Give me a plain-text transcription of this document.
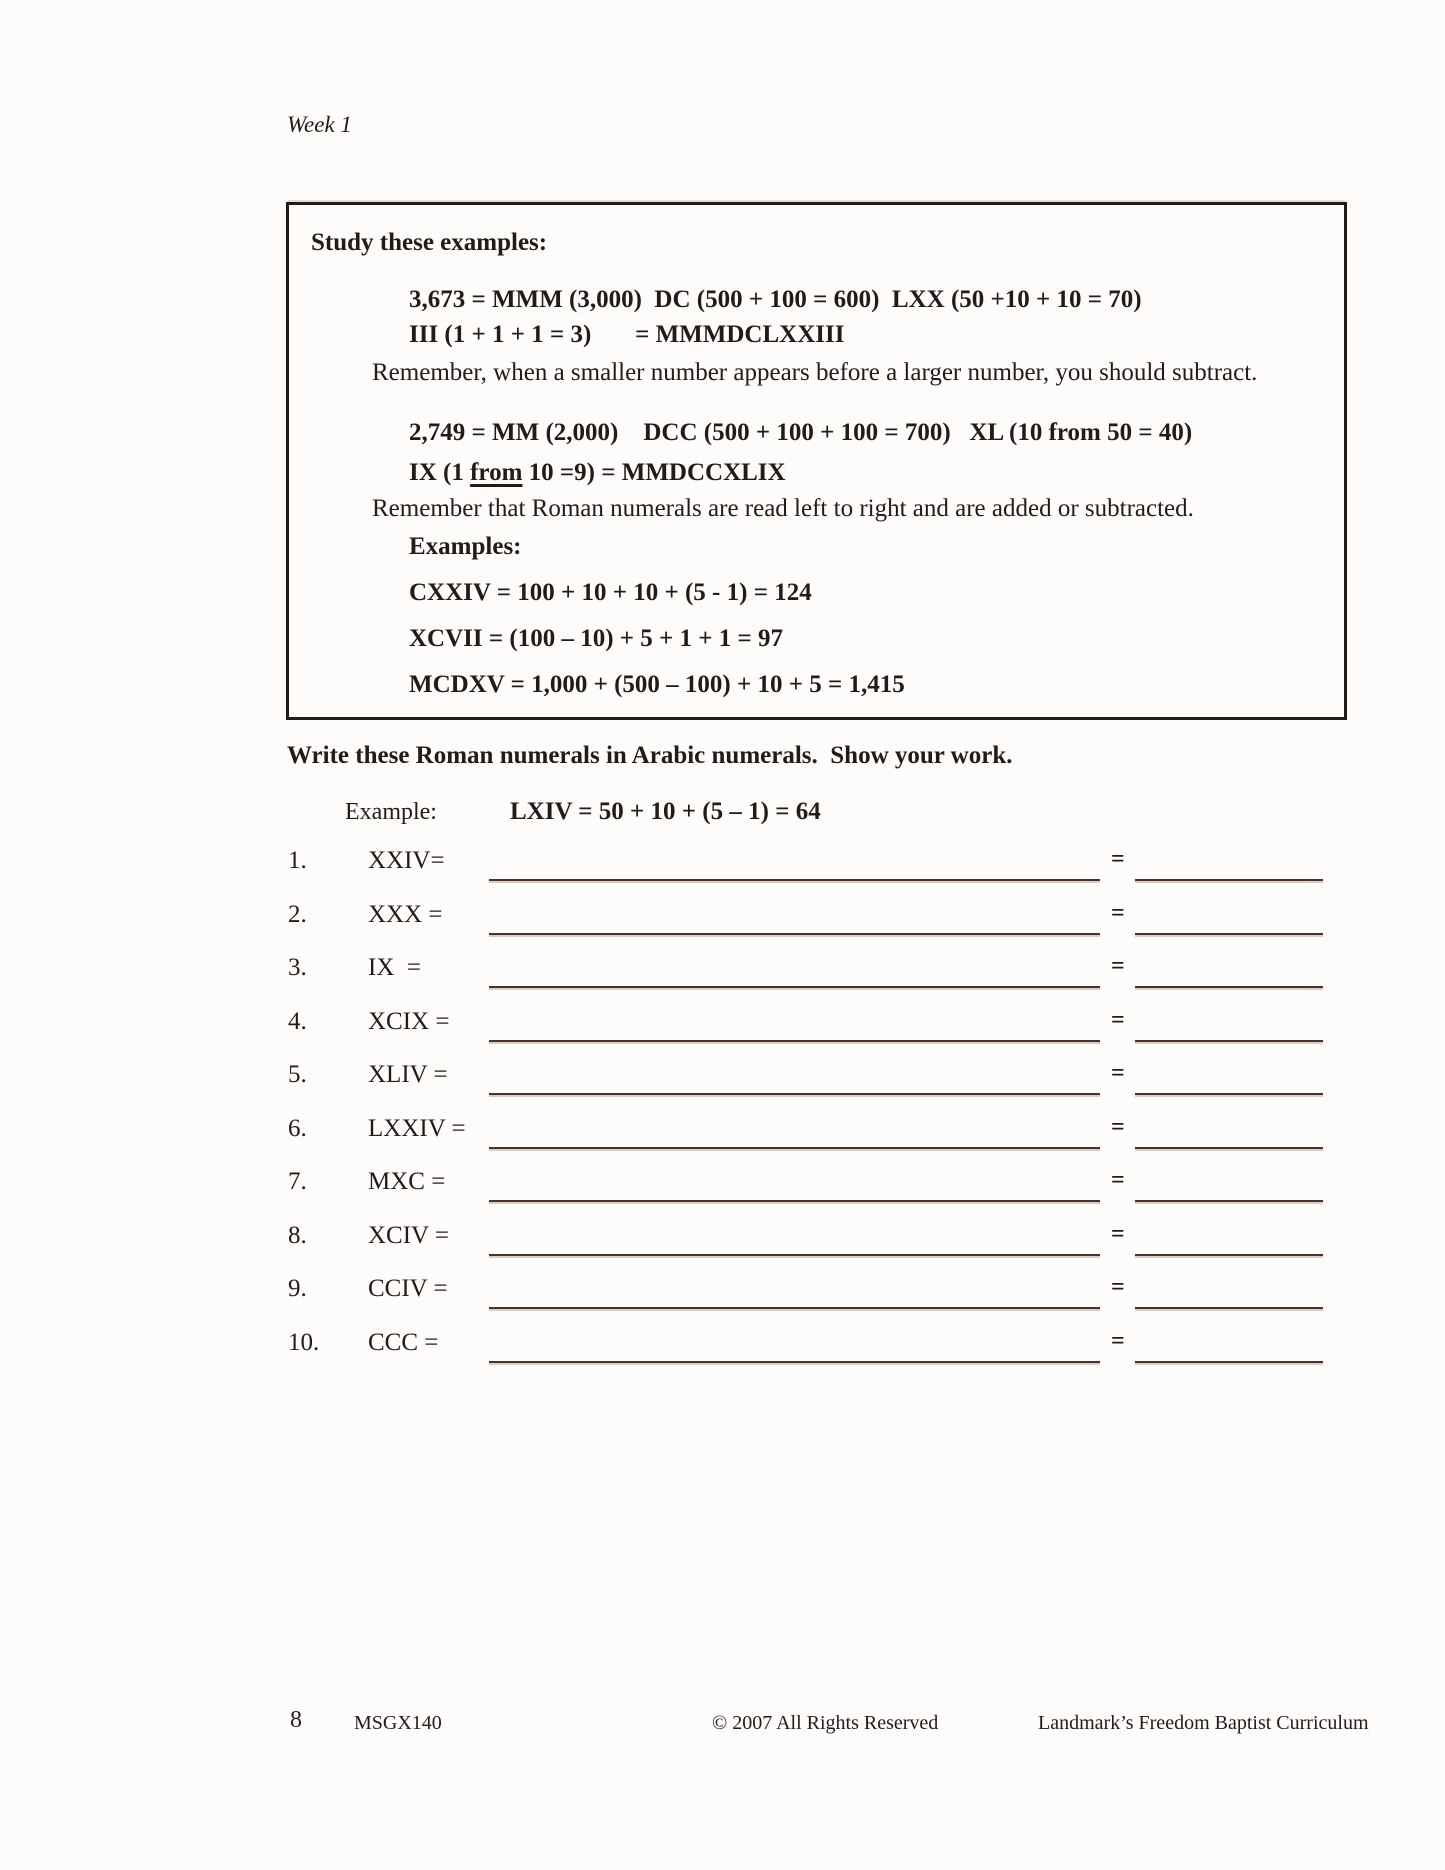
Week 1
Study these examples:
3,673 = MMM (3,000)  DC (500 + 100 = 600)  LXX (50 +10 + 10 = 70)
III (1 + 1 + 1 = 3)       = MMMDCLXXIII
Remember, when a smaller number appears before a larger number, you should subtract.
2,749 = MM (2,000)    DCC (500 + 100 + 100 = 700)   XL (10 from 50 = 40)
IX (1 from 10 =9) = MMDCCXLIX
Remember that Roman numerals are read left to right and are added or subtracted.
Examples:
CXXIV = 100 + 10 + 10 + (5 - 1) = 124
XCVII = (100 – 10) + 5 + 1 + 1 = 97
MCDXV = 1,000 + (500 – 100) + 10 + 5 = 1,415
Write these Roman numerals in Arabic numerals.  Show your work.
Example:	LXIV = 50 + 10 + (5 – 1) = 64
1. XXIV=	=
2. XXX =	=
3. IX  =	=
4. XCIX =	=
5. XLIV =	=
6. LXXIV =	=
7. MXC =	=
8. XCIV =	=
9. CCIV =	=
10. CCC =	=
8	MSGX140	© 2007 All Rights Reserved	Landmark’s Freedom Baptist Curriculum
